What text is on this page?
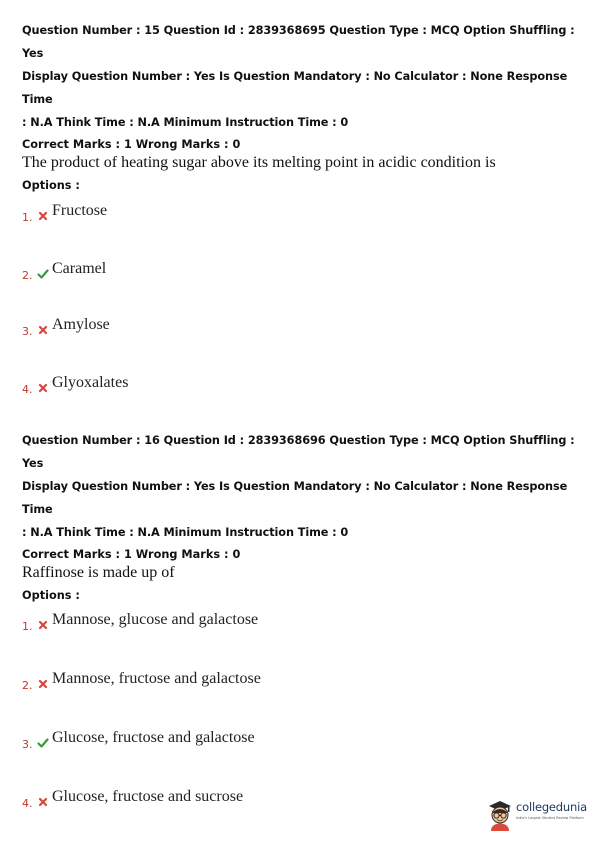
Question Number : 15 Question Id : 2839368695 Question Type : MCQ Option Shuffling : Yes
Display Question Number : Yes Is Question Mandatory : No Calculator : None Response Time
: N.A Think Time : N.A Minimum Instruction Time : 0
Correct Marks : 1 Wrong Marks : 0
The product of heating sugar above its melting point in acidic condition is
Options :
1. Fructose
2. Caramel
3. Amylose
4. Glyoxalates
Question Number : 16 Question Id : 2839368696 Question Type : MCQ Option Shuffling : Yes
Display Question Number : Yes Is Question Mandatory : No Calculator : None Response Time
: N.A Think Time : N.A Minimum Instruction Time : 0
Correct Marks : 1 Wrong Marks : 0
Raffinose is made up of
Options :
1. Mannose, glucose and galactose
2. Mannose, fructose and galactose
3. Glucose, fructose and galactose
4. Glucose, fructose and sucrose
collegedunia
India's Largest Student Review Platform
